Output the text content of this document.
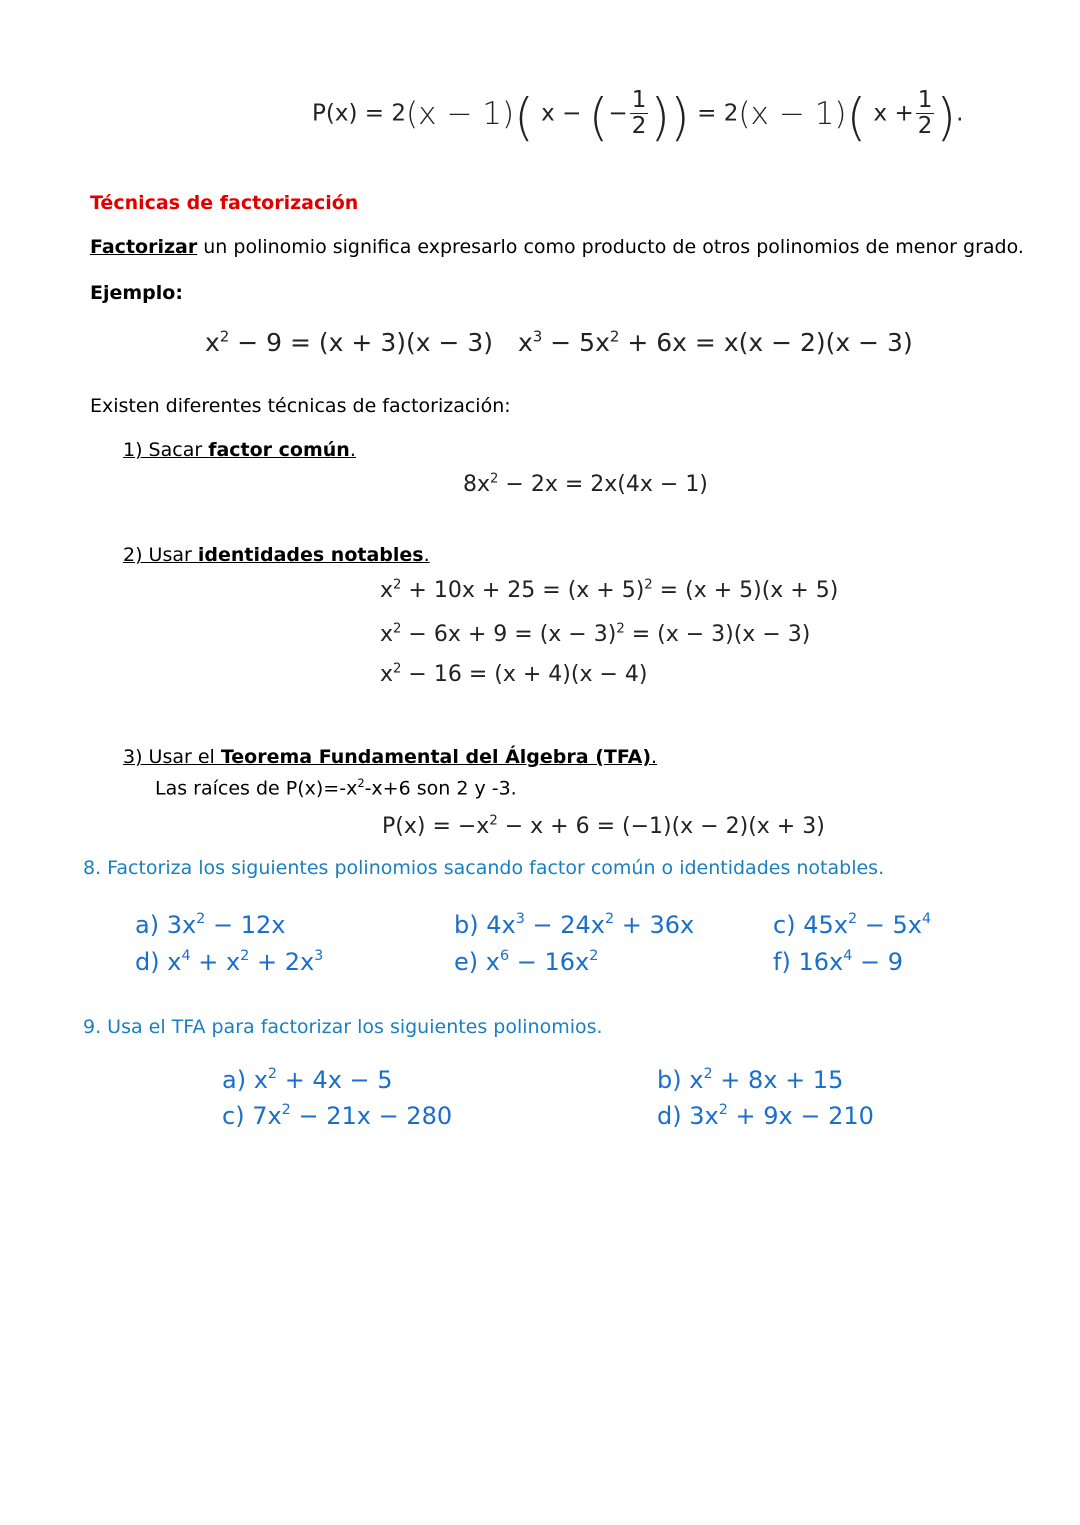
P(x) = 2(x − 1)( x − (− $\frac{1}{2}$ )) = 2(x − 1)( $x + \frac{1}{2}$ ).
Técnicas de factorización
Factorizar un polinomio significa expresarlo como producto de otros polinomios de menor grado.
Ejemplo:
$x^2 - 9 = (x + 3)(x - 3) x^3 - 5x^2 + 6x = x(x - 2)(x - 3)$
Existen diferentes técnicas de factorización:
1) Sacar factor común.
$8x^2 - 2x = 2x(4x - 1)$
2) Usar identidades notables.
$x^2 + 10x + 25 = (x + 5)^2 = (x + 5)(x + 5)$
$x^2 - 6x + 9 = (x - 3)^2 = (x - 3)(x - 3)$
$x^2 - 16 = (x + 4)(x - 4)$
3) Usar el Teorema Fundamental del Álgebra (TFA).
Las raíces de $P(x)=-x^2-x+6$ son 2 y -3.
$P(x) = -x^2 - x + 6 = (-1)(x - 2)(x + 3)$
8. Factoriza los siguientes polinomios sacando factor común o identidades notables.
a) $3x^2 - 12x$	b) $4x^3 - 24x^2 + 36x$	c) $45x^2 - 5x^4$
d) $x^4 + x^2 + 2x^3$	e) $x^6 - 16x^2$	f) $16x^4 - 9$
9. Usa el TFA para factorizar los siguientes polinomios.
a) $x^2 + 4x - 5$	b) $x^2 + 8x + 15$
c) $7x^2 - 21x - 280$	d) $3x^2 + 9x - 210$
